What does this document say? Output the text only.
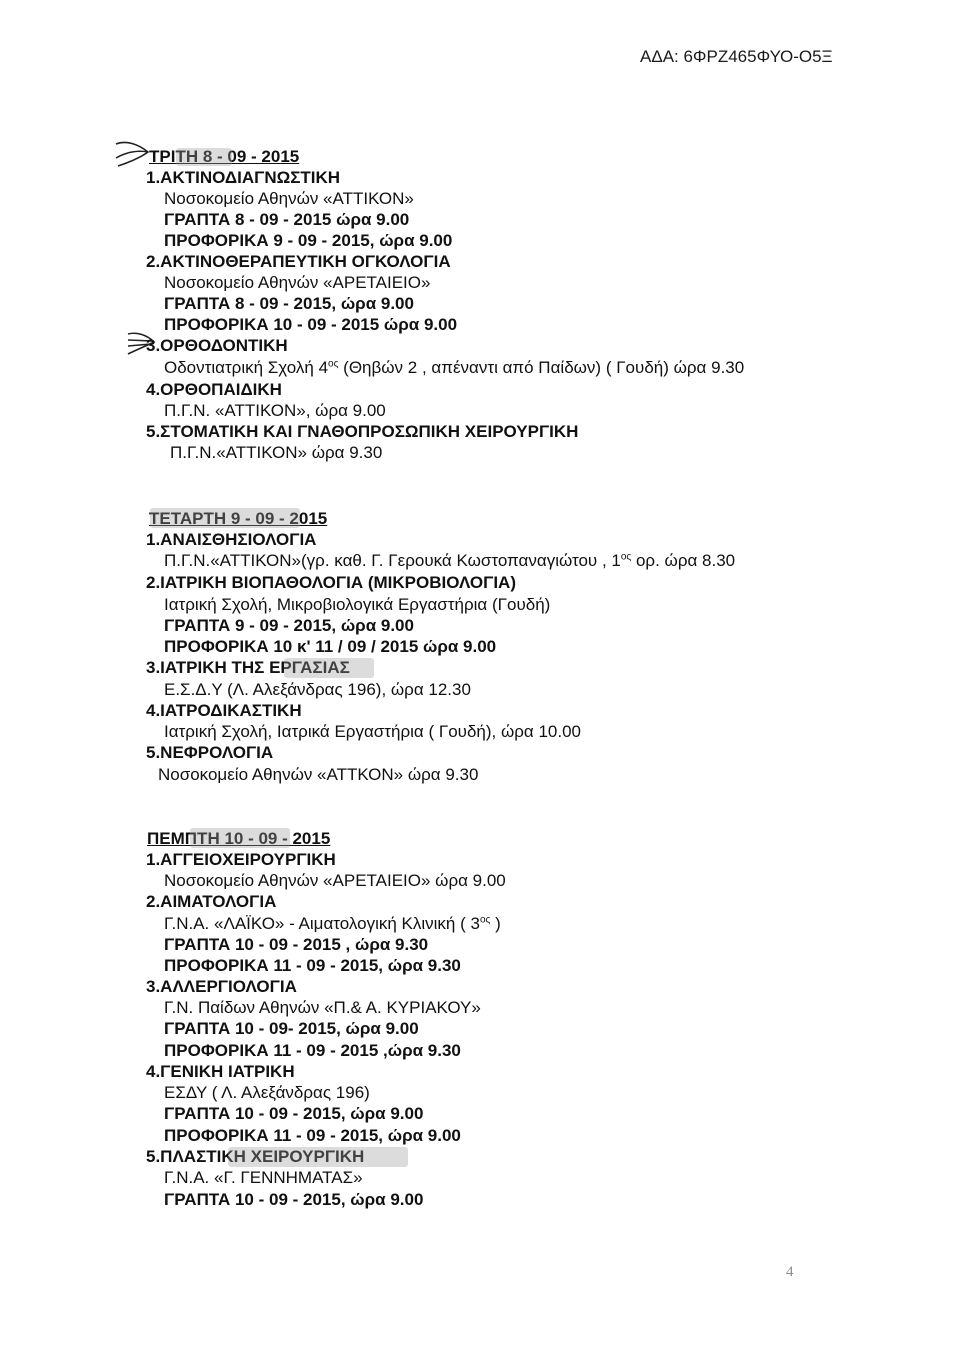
ΑΔΑ: 6ΦΡΖ465ΦΥΟ-Ο5Ξ
ΤΡΙΤΗ 8 - 09 - 2015
1.ΑΚΤΙΝΟΔΙΑΓΝΩΣΤΙΚΗ
Νοσοκομείο Αθηνών «ΑΤΤΙΚΟΝ»
ΓΡΑΠΤΑ 8 - 09 - 2015 ώρα 9.00
ΠΡΟΦΟΡΙΚΑ 9 - 09 - 2015, ώρα 9.00
2.ΑΚΤΙΝΟΘΕΡΑΠΕΥΤΙΚΗ ΟΓΚΟΛΟΓΙΑ
Νοσοκομείο Αθηνών «ΑΡΕΤΑΙΕΙΟ»
ΓΡΑΠΤΑ 8 - 09 - 2015, ώρα 9.00
ΠΡΟΦΟΡΙΚΑ 10 - 09 - 2015 ώρα 9.00
3.ΟΡΘΟΔΟΝΤΙΚΗ
Οδοντιατρική Σχολή $4^{o\varsigma}$ (Θηβών 2 , απέναντι από Παίδων) ( Γουδή) ώρα 9.30
4.ΟΡΘΟΠΑΙΔΙΚΗ
Π.Γ.Ν. «ΑΤΤΙΚΟΝ», ώρα 9.00
5.ΣΤΟΜΑΤΙΚΗ ΚΑΙ ΓΝΑΘΟΠΡΟΣΩΠΙΚΗ ΧΕΙΡΟΥΡΓΙΚΗ
Π.Γ.Ν.«ΑΤΤΙΚΟΝ» ώρα 9.30
ΤΕΤΑΡΤΗ 9 - 09 - 2015
1.ΑΝΑΙΣΘΗΣΙΟΛΟΓΙΑ
Π.Γ.Ν.«ΑΤΤΙΚΟΝ»(γρ. καθ. Γ. Γερουκά Κωστοπαναγιώτου , $1^{o\varsigma}$ ορ. ώρα 8.30
2.ΙΑΤΡΙΚΗ ΒΙΟΠΑΘΟΛΟΓΙΑ (ΜΙΚΡΟΒΙΟΛΟΓΙΑ)
Ιατρική Σχολή, Μικροβιολογικά Εργαστήρια (Γουδή)
ΓΡΑΠΤΑ 9 - 09 - 2015, ώρα 9.00
ΠΡΟΦΟΡΙΚΑ 10 κ' 11 / 09 / 2015 ώρα 9.00
3.ΙΑΤΡΙΚΗ ΤΗΣ ΕΡΓΑΣΙΑΣ
Ε.Σ.Δ.Υ (Λ. Αλεξάνδρας 196), ώρα 12.30
4.ΙΑΤΡΟΔΙΚΑΣΤΙΚΗ
Ιατρική Σχολή, Ιατρικά Εργαστήρια ( Γουδή), ώρα 10.00
5.ΝΕΦΡΟΛΟΓΙΑ
Νοσοκομείο Αθηνών «ΑΤΤΚΟΝ» ώρα 9.30
ΠΕΜΠΤΗ 10 - 09 - 2015
1.ΑΓΓΕΙΟΧΕΙΡΟΥΡΓΙΚΗ
Νοσοκομείο Αθηνών «ΑΡΕΤΑΙΕΙΟ» ώρα 9.00
2.ΑΙΜΑΤΟΛΟΓΙΑ
Γ.Ν.Α. «ΛΑΪΚΟ» - Αιματολογική Κλινική ( $3^{o\varsigma}$ )
ΓΡΑΠΤΑ 10 - 09 - 2015 , ώρα 9.30
ΠΡΟΦΟΡΙΚΑ 11 - 09 - 2015, ώρα 9.30
3.ΑΛΛΕΡΓΙΟΛΟΓΙΑ
Γ.Ν. Παίδων Αθηνών «Π.& Α. ΚΥΡΙΑΚΟΥ»
ΓΡΑΠΤΑ 10 - 09- 2015, ώρα 9.00
ΠΡΟΦΟΡΙΚΑ 11 - 09 - 2015 ,ώρα 9.30
4.ΓΕΝΙΚΗ ΙΑΤΡΙΚΗ
ΕΣΔΥ ( Λ. Αλεξάνδρας 196)
ΓΡΑΠΤΑ 10 - 09 - 2015, ώρα 9.00
ΠΡΟΦΟΡΙΚΑ 11 - 09 - 2015, ώρα 9.00
5.ΠΛΑΣΤΙΚΗ ΧΕΙΡΟΥΡΓΙΚΗ
Γ.Ν.Α. «Γ. ΓΕΝΝΗΜΑΤΑΣ»
ΓΡΑΠΤΑ 10 - 09 - 2015, ώρα 9.00
4
